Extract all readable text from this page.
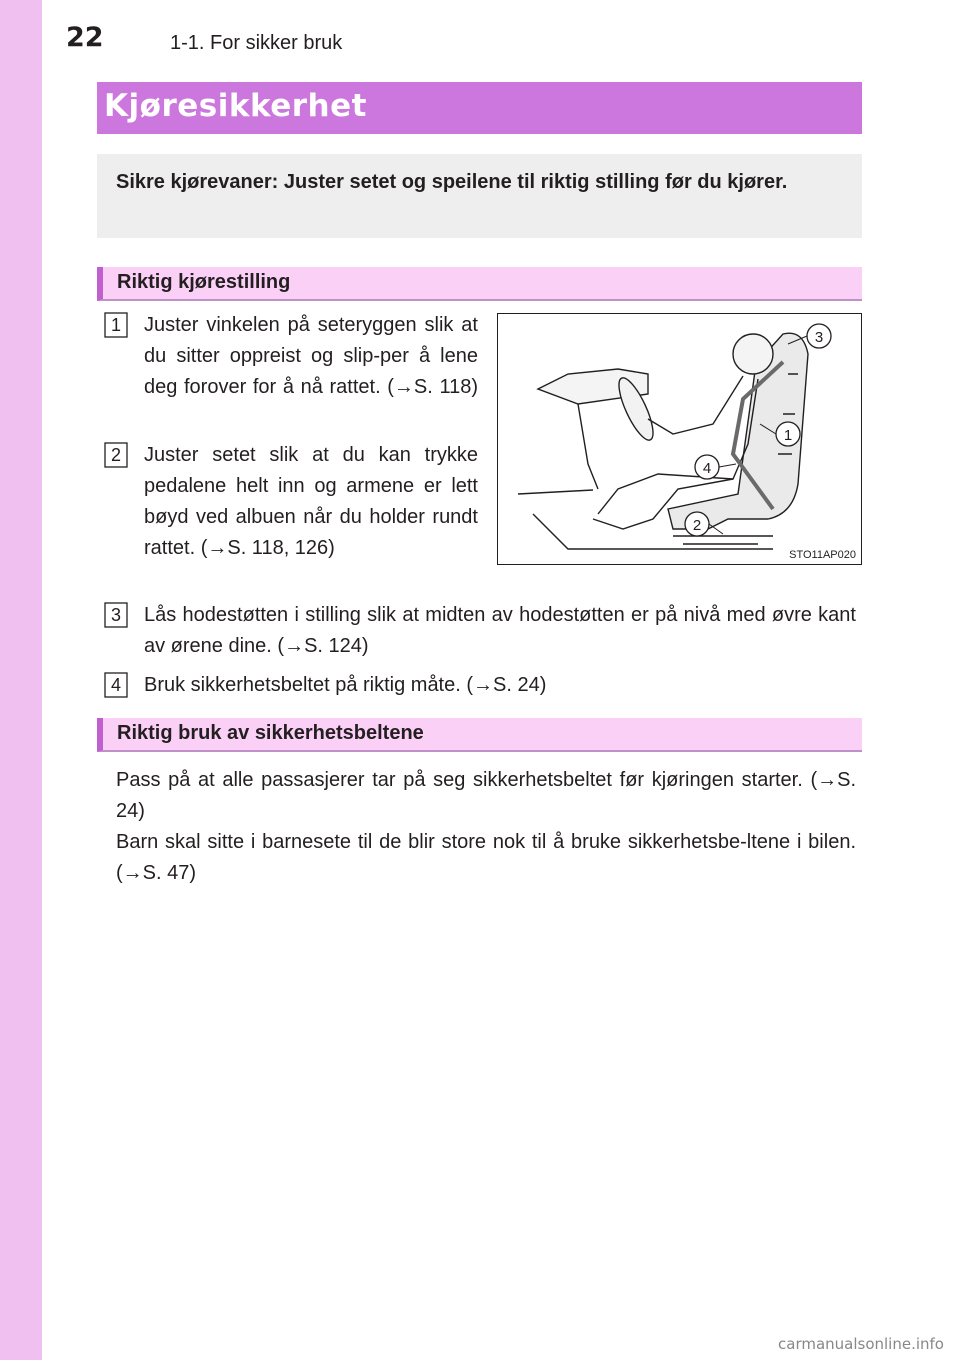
22	1-1. For sikker bruk
Kjøresikkerhet
Sikre kjørevaner: Juster setet og speilene til riktig stilling før du kjører.
Riktig kjørestilling
1 Juster vinkelen på seteryggen slik at du sitter oppreist og slip-per å lene deg forover for å nå rattet. (→S. 118)
2 Juster setet slik at du kan trykke pedalene helt inn og armene er lett bøyd ved albuen når du holder rundt rattet. (→S. 118, 126)
3
1
4
2
STO11AP020
3 Lås hodestøtten i stilling slik at midten av hodestøtten er på nivå med øvre kant av ørene dine. (→S. 124)
4 Bruk sikkerhetsbeltet på riktig måte. (→S. 24)
Riktig bruk av sikkerhetsbeltene
Pass på at alle passasjerer tar på seg sikkerhetsbeltet før kjøringen starter. (→S. 24)
Barn skal sitte i barnesete til de blir store nok til å bruke sikkerhetsbe-ltene i bilen. (→S. 47)
carmanualsonline.info
